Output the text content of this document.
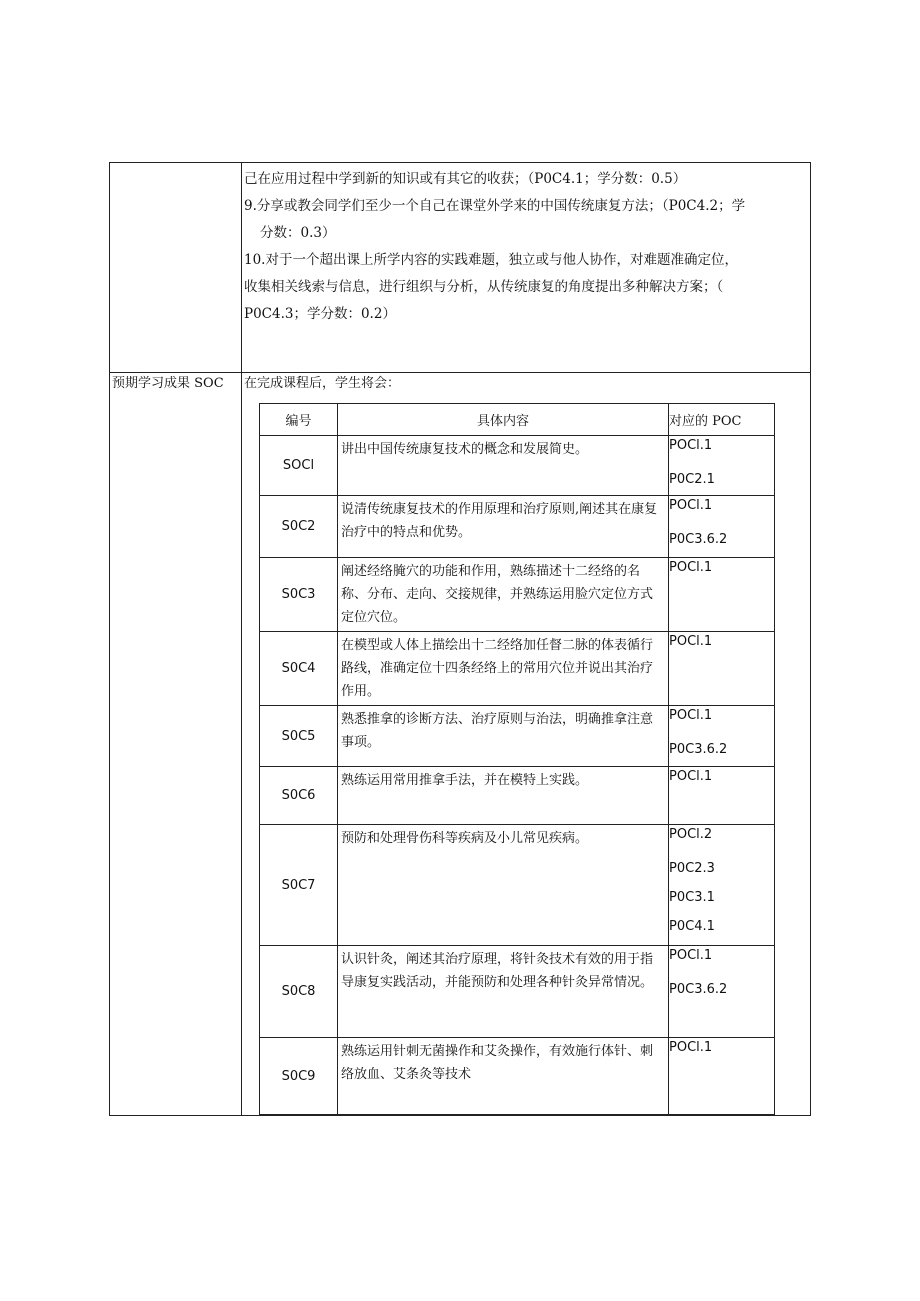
己在应用过程中学到新的知识或有其它的收获；（P0C4.1；学分数：0.5）
9.分享或教会同学们至少一个自己在课堂外学来的中国传统康复方法；（P0C4.2；学
分数：0.3）
10.对于一个超出课上所学内容的实践难题，独立或与他人协作，对难题准确定位，
收集相关线索与信息，进行组织与分析，从传统康复的角度提出多种解决方案；（
P0C4.3；学分数：0.2）
预期学习成果 SOC 在完成课程后，学生将会：
编号	具体内容	对应的 POC
SOCl	讲出中国传统康复技术的概念和发展简史。	POCl.1
P0C2.1

S0C2	说清传统康复技术的作用原理和治疗原则,阐述其在康复治疗中的特点和优势。	POCl.1
P0C3.6.2

S0C3	阐述经络腌穴的功能和作用，熟练描述十二经络的名称、分布、走向、交接规律，并熟练运用脸穴定位方式定位穴位。	POCl.1

S0C4	在模型或人体上描绘出十二经络加任督二脉的体表循行路线，准确定位十四条经络上的常用穴位并说出其治疗作用。	POCl.1

S0C5	熟悉推拿的诊断方法、治疗原则与治法，明确推拿注意事项。	POCl.1
P0C3.6.2

S0C6	熟练运用常用推拿手法，并在模特上实践。	POCl.1

S0C7	预防和处理骨伤科等疾病及小儿常见疾病。	POCl.2
P0C2.3
P0C3.1
P0C4.1

S0C8	认识针灸，阐述其治疗原理，将针灸技术有效的用于指导康复实践活动，并能预防和处理各种针灸异常情况。	POCl.1
P0C3.6.2

S0C9	熟练运用针刺无菌操作和艾灸操作，有效施行体针、刺络放血、艾条灸等技术	POCl.1
